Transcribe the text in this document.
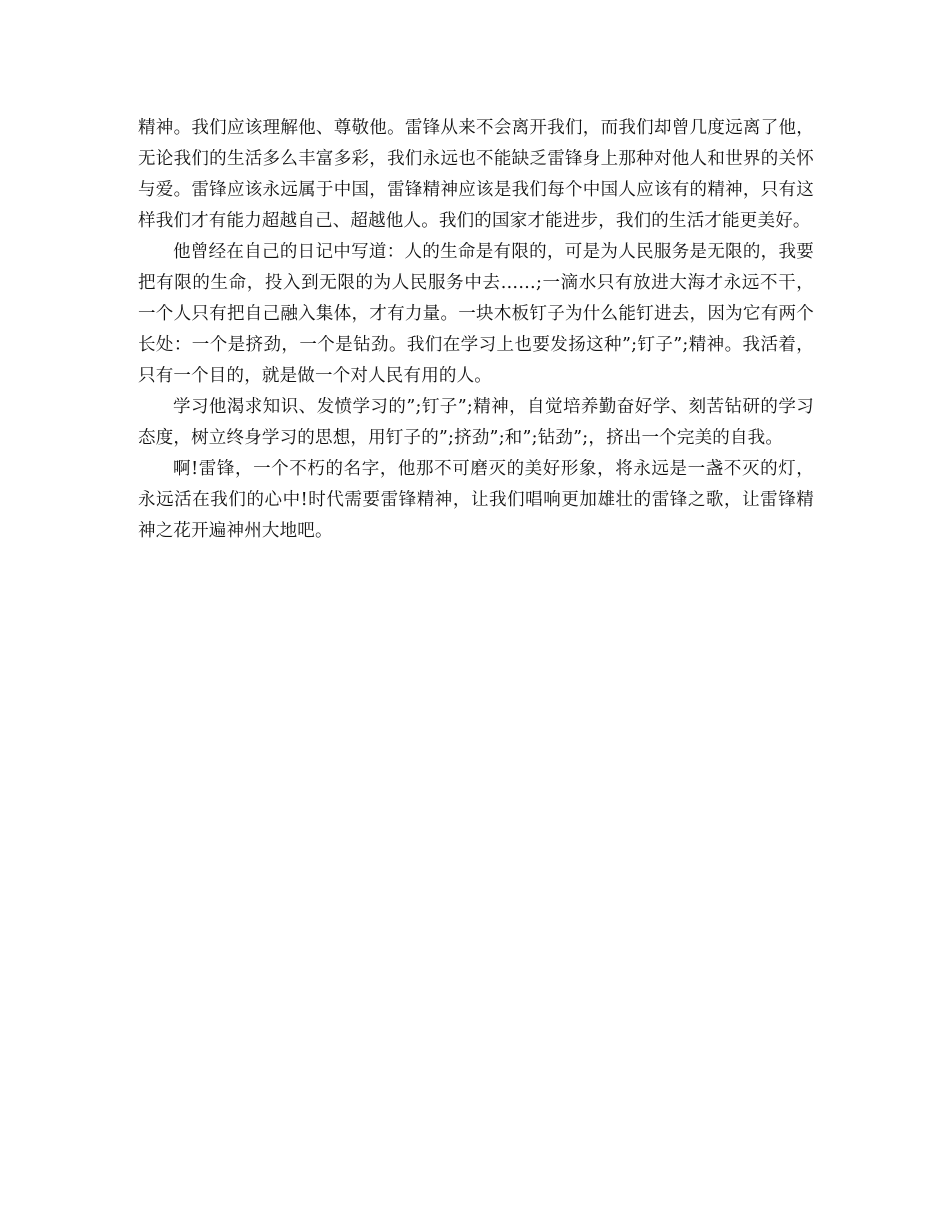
精神。我们应该理解他、尊敬他。雷锋从来不会离开我们，而我们却曾几度远离了他，无论我们的生活多么丰富多彩，我们永远也不能缺乏雷锋身上那种对他人和世界的关怀与爱。雷锋应该永远属于中国，雷锋精神应该是我们每个中国人应该有的精神，只有这样我们才有能力超越自己、超越他人。我们的国家才能进步，我们的生活才能更美好。

他曾经在自己的日记中写道：人的生命是有限的，可是为人民服务是无限的，我要把有限的生命，投入到无限的为人民服务中去……;一滴水只有放进大海才永远不干，一个人只有把自己融入集体，才有力量。一块木板钉子为什么能钉进去，因为它有两个长处：一个是挤劲，一个是钻劲。我们在学习上也要发扬这种”;钉子”;精神。我活着，只有一个目的，就是做一个对人民有用的人。

学习他渴求知识、发愤学习的”;钉子”;精神，自觉培养勤奋好学、刻苦钻研的学习态度，树立终身学习的思想，用钉子的”;挤劲”;和”;钻劲”;，挤出一个完美的自我。

啊!雷锋，一个不朽的名字，他那不可磨灭的美好形象，将永远是一盏不灭的灯，永远活在我们的心中!时代需要雷锋精神，让我们唱响更加雄壮的雷锋之歌，让雷锋精神之花开遍神州大地吧。
